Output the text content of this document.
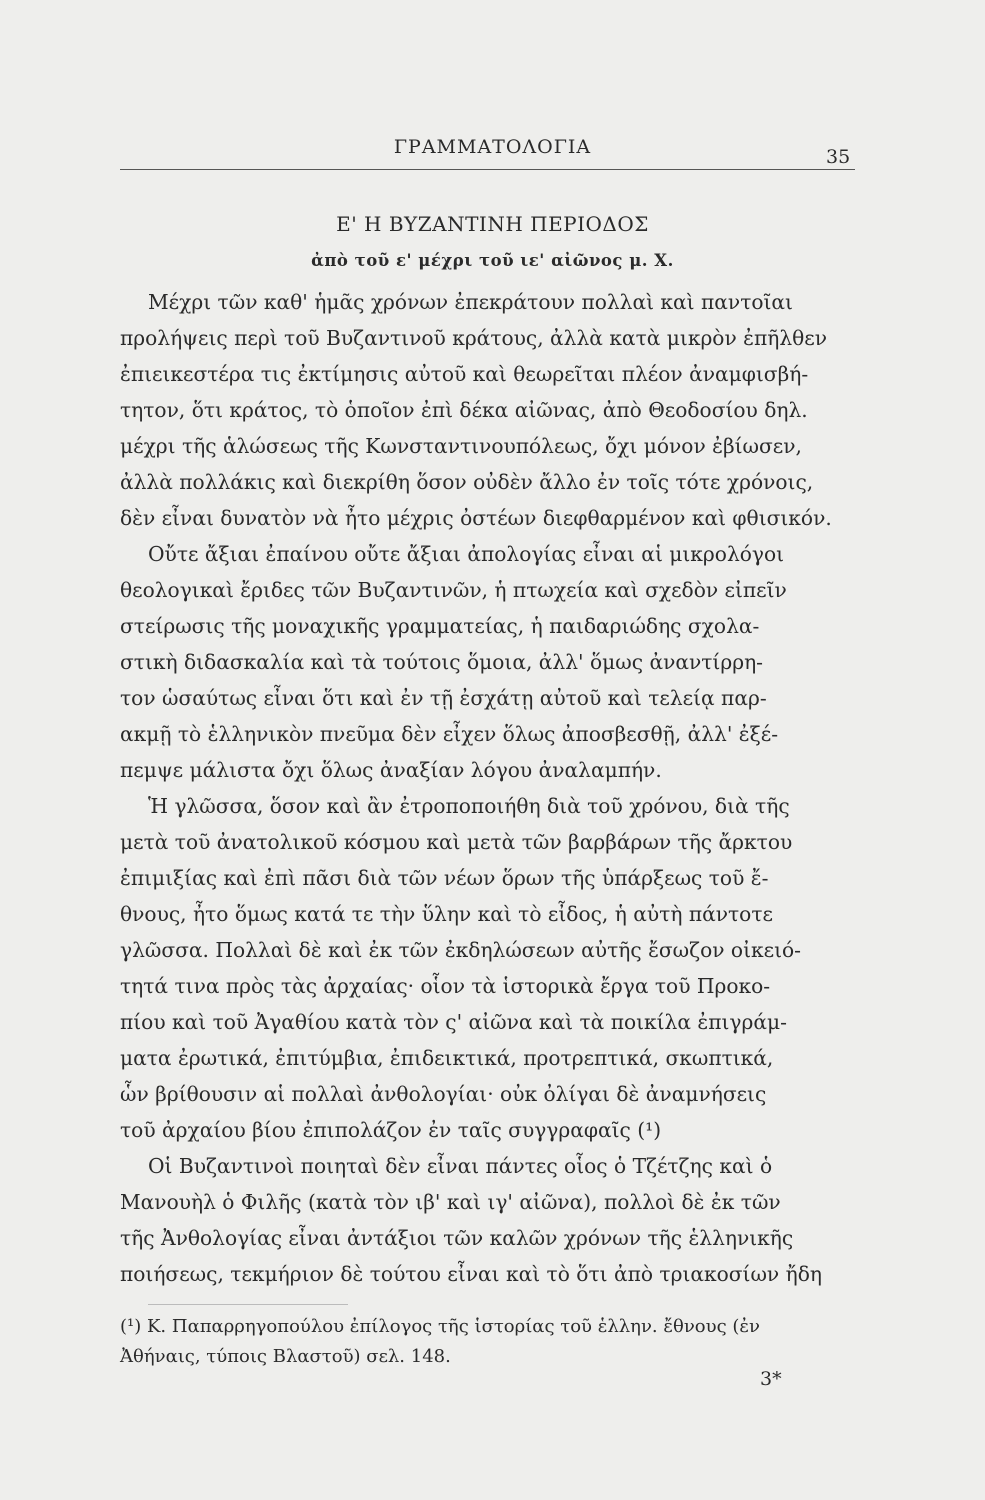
ΓΡΑΜΜΑΤΟΛΟΓΙΑ	35
Ε' Η ΒΥΖΑΝΤΙΝΗ ΠΕΡΙΟΔΟΣ
ἀπὸ τοῦ ε' μέχρι τοῦ ιε' αἰῶνος μ. Χ.
Μέχρι τῶν καθ' ἡμᾶς χρόνων ἐπεκράτουν πολλαὶ καὶ παντοῖαι
προλήψεις περὶ τοῦ Βυζαντινοῦ κράτους, ἀλλὰ κατὰ μικρὸν ἐπῆλθεν
ἐπιεικεστέρα τις ἐκτίμησις αὐτοῦ καὶ θεωρεῖται πλέον ἀναμφισβή-
τητον, ὅτι κράτος, τὸ ὁποῖον ἐπὶ δέκα αἰῶνας, ἀπὸ Θεοδοσίου δηλ.
μέχρι τῆς ἁλώσεως τῆς Κωνσταντινουπόλεως, ὄχι μόνον ἐβίωσεν,
ἀλλὰ πολλάκις καὶ διεκρίθη ὅσον οὐδὲν ἄλλο ἐν τοῖς τότε χρόνοις,
δὲν εἶναι δυνατὸν νὰ ἦτο μέχρις ὀστέων διεφθαρμένον καὶ φθισικόν.
Οὔτε ἄξιαι ἐπαίνου οὔτε ἄξιαι ἀπολογίας εἶναι αἱ μικρολόγοι
θεολογικαὶ ἔριδες τῶν Βυζαντινῶν, ἡ πτωχεία καὶ σχεδὸν εἰπεῖν
στείρωσις τῆς μοναχικῆς γραμματείας, ἡ παιδαριώδης σχολα-
στικὴ διδασκαλία καὶ τὰ τούτοις ὅμοια, ἀλλ' ὅμως ἀναντίρρη-
τον ὡσαύτως εἶναι ὅτι καὶ ἐν τῇ ἐσχάτῃ αὐτοῦ καὶ τελείᾳ παρ-
ακμῇ τὸ ἑλληνικὸν πνεῦμα δὲν εἶχεν ὅλως ἀποσβεσθῇ, ἀλλ' ἐξέ-
πεμψε μάλιστα ὄχι ὅλως ἀναξίαν λόγου ἀναλαμπήν.
Ἡ γλῶσσα, ὅσον καὶ ἂν ἐτροποποιήθη διὰ τοῦ χρόνου, διὰ τῆς
μετὰ τοῦ ἀνατολικοῦ κόσμου καὶ μετὰ τῶν βαρβάρων τῆς ἄρκτου
ἐπιμιξίας καὶ ἐπὶ πᾶσι διὰ τῶν νέων ὅρων τῆς ὑπάρξεως τοῦ ἔ-
θνους, ἦτο ὅμως κατά τε τὴν ὕλην καὶ τὸ εἶδος, ἡ αὐτὴ πάντοτε
γλῶσσα. Πολλαὶ δὲ καὶ ἐκ τῶν ἐκδηλώσεων αὐτῆς ἔσωζον οἰκειό-
τητά τινα πρὸς τὰς ἀρχαίας· οἷον τὰ ἱστορικὰ ἔργα τοῦ Προκο-
πίου καὶ τοῦ Ἀγαθίου κατὰ τὸν ς' αἰῶνα καὶ τὰ ποικίλα ἐπιγράμ-
ματα ἐρωτικά, ἐπιτύμβια, ἐπιδεικτικά, προτρεπτικά, σκωπτικά,
ὧν βρίθουσιν αἱ πολλαὶ ἀνθολογίαι· οὐκ ὀλίγαι δὲ ἀναμνήσεις
τοῦ ἀρχαίου βίου ἐπιπολάζον ἐν ταῖς συγγραφαῖς (¹)
Οἱ Βυζαντινοὶ ποιηταὶ δὲν εἶναι πάντες οἷος ὁ Τζέτζης καὶ ὁ
Μανουὴλ ὁ Φιλῆς (κατὰ τὸν ιβ' καὶ ιγ' αἰῶνα), πολλοὶ δὲ ἐκ τῶν
τῆς Ἀνθολογίας εἶναι ἀντάξιοι τῶν καλῶν χρόνων τῆς ἑλληνικῆς
ποιήσεως, τεκμήριον δὲ τούτου εἶναι καὶ τὸ ὅτι ἀπὸ τριακοσίων ἤδη
(¹) Κ. Παπαρρηγοπούλου ἐπίλογος τῆς ἱστορίας τοῦ ἑλλην. ἔθνους (ἐν
Ἀθήναις, τύποις Βλαστοῦ) σελ. 148.
3*
